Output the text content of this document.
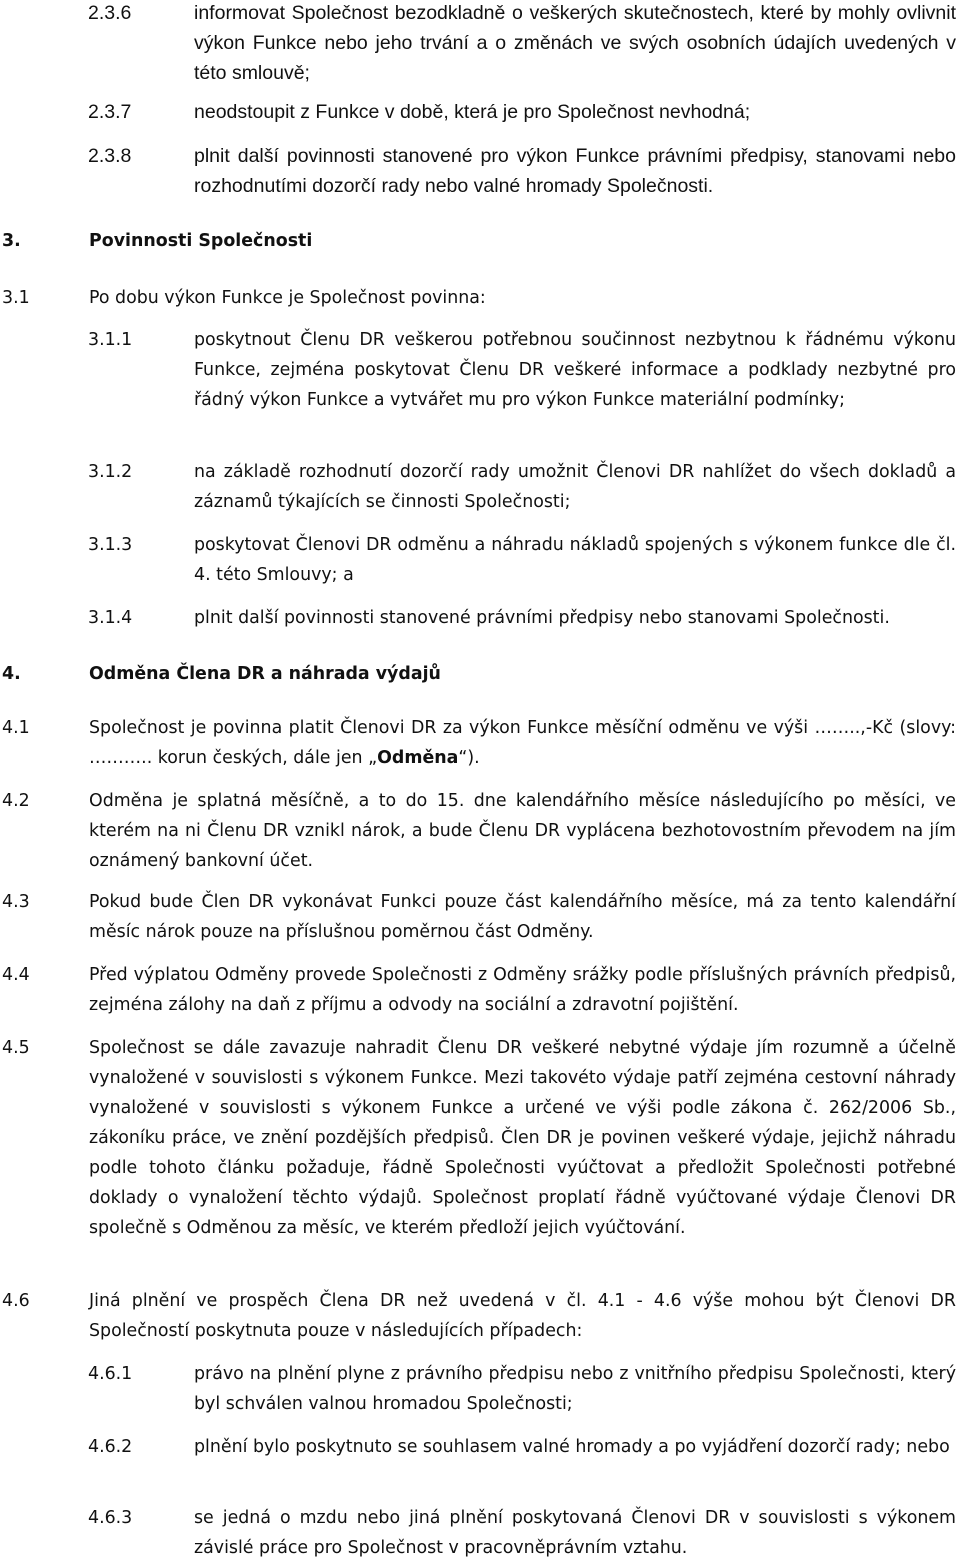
2.3.6	informovat Společnost bezodkladně o veškerých skutečnostech, které by mohly ovlivnit výkon Funkce nebo jeho trvání a o změnách ve svých osobních údajích uvedených v této smlouvě;
2.3.7	neodstoupit z Funkce v době, která je pro Společnost nevhodná;
2.3.8	plnit další povinnosti stanovené pro výkon Funkce právními předpisy, stanovami nebo rozhodnutími dozorčí rady nebo valné hromady Společnosti.
3.	Povinnosti Společnosti
3.1	Po dobu výkon Funkce je Společnost povinna:
3.1.1	poskytnout Členu DR veškerou potřebnou součinnost nezbytnou k řádnému výkonu Funkce, zejména poskytovat Členu DR veškeré informace a podklady nezbytné pro řádný výkon Funkce a vytvářet mu pro výkon Funkce materiální podmínky;
3.1.2	na základě rozhodnutí dozorčí rady umožnit Členovi DR nahlížet do všech dokladů a záznamů týkajících se činnosti Společnosti;
3.1.3	poskytovat Členovi DR odměnu a náhradu nákladů spojených s výkonem funkce dle čl. 4. této Smlouvy; a
3.1.4	plnit další povinnosti stanovené právními předpisy nebo stanovami Společnosti.
4.	Odměna Člena DR a náhrada výdajů
4.1	Společnost je povinna platit Členovi DR za výkon Funkce měsíční odměnu ve výši ……..,-Kč (slovy: ……….. korun českých, dále jen „Odměna“).
4.2	Odměna je splatná měsíčně, a to do 15. dne kalendářního měsíce následujícího po měsíci, ve kterém na ni Členu DR vznikl nárok, a bude Členu DR vyplácena bezhotovostním převodem na jím oznámený bankovní účet.
4.3	Pokud bude Člen DR vykonávat Funkci pouze část kalendářního měsíce, má za tento kalendářní měsíc nárok pouze na příslušnou poměrnou část Odměny.
4.4	Před výplatou Odměny provede Společnosti z Odměny srážky podle příslušných právních předpisů, zejména zálohy na daň z příjmu a odvody na sociální a zdravotní pojištění.
4.5	Společnost se dále zavazuje nahradit Členu DR veškeré nebytné výdaje jím rozumně a účelně vynaložené v souvislosti s výkonem Funkce. Mezi takovéto výdaje patří zejména cestovní náhrady vynaložené v souvislosti s výkonem Funkce a určené ve výši podle zákona č. 262/2006 Sb., zákoníku práce, ve znění pozdějších předpisů. Člen DR je povinen veškeré výdaje, jejichž náhradu podle tohoto článku požaduje, řádně Společnosti vyúčtovat a předložit Společnosti potřebné doklady o vynaložení těchto výdajů. Společnost proplatí řádně vyúčtované výdaje Členovi DR společně s Odměnou za měsíc, ve kterém předloží jejich vyúčtování.
4.6	Jiná plnění ve prospěch Člena DR než uvedená v čl. 4.1 - 4.6 výše mohou být Členovi DR Společností poskytnuta pouze v následujících případech:
4.6.1	právo na plnění plyne z právního předpisu nebo z vnitřního předpisu Společnosti, který byl schválen valnou hromadou Společnosti;
4.6.2	plnění bylo poskytnuto se souhlasem valné hromady a po vyjádření dozorčí rady; nebo
4.6.3	se jedná o mzdu nebo jiná plnění poskytovaná Členovi DR v souvislosti s výkonem závislé práce pro Společnost v pracovněprávním vztahu.
